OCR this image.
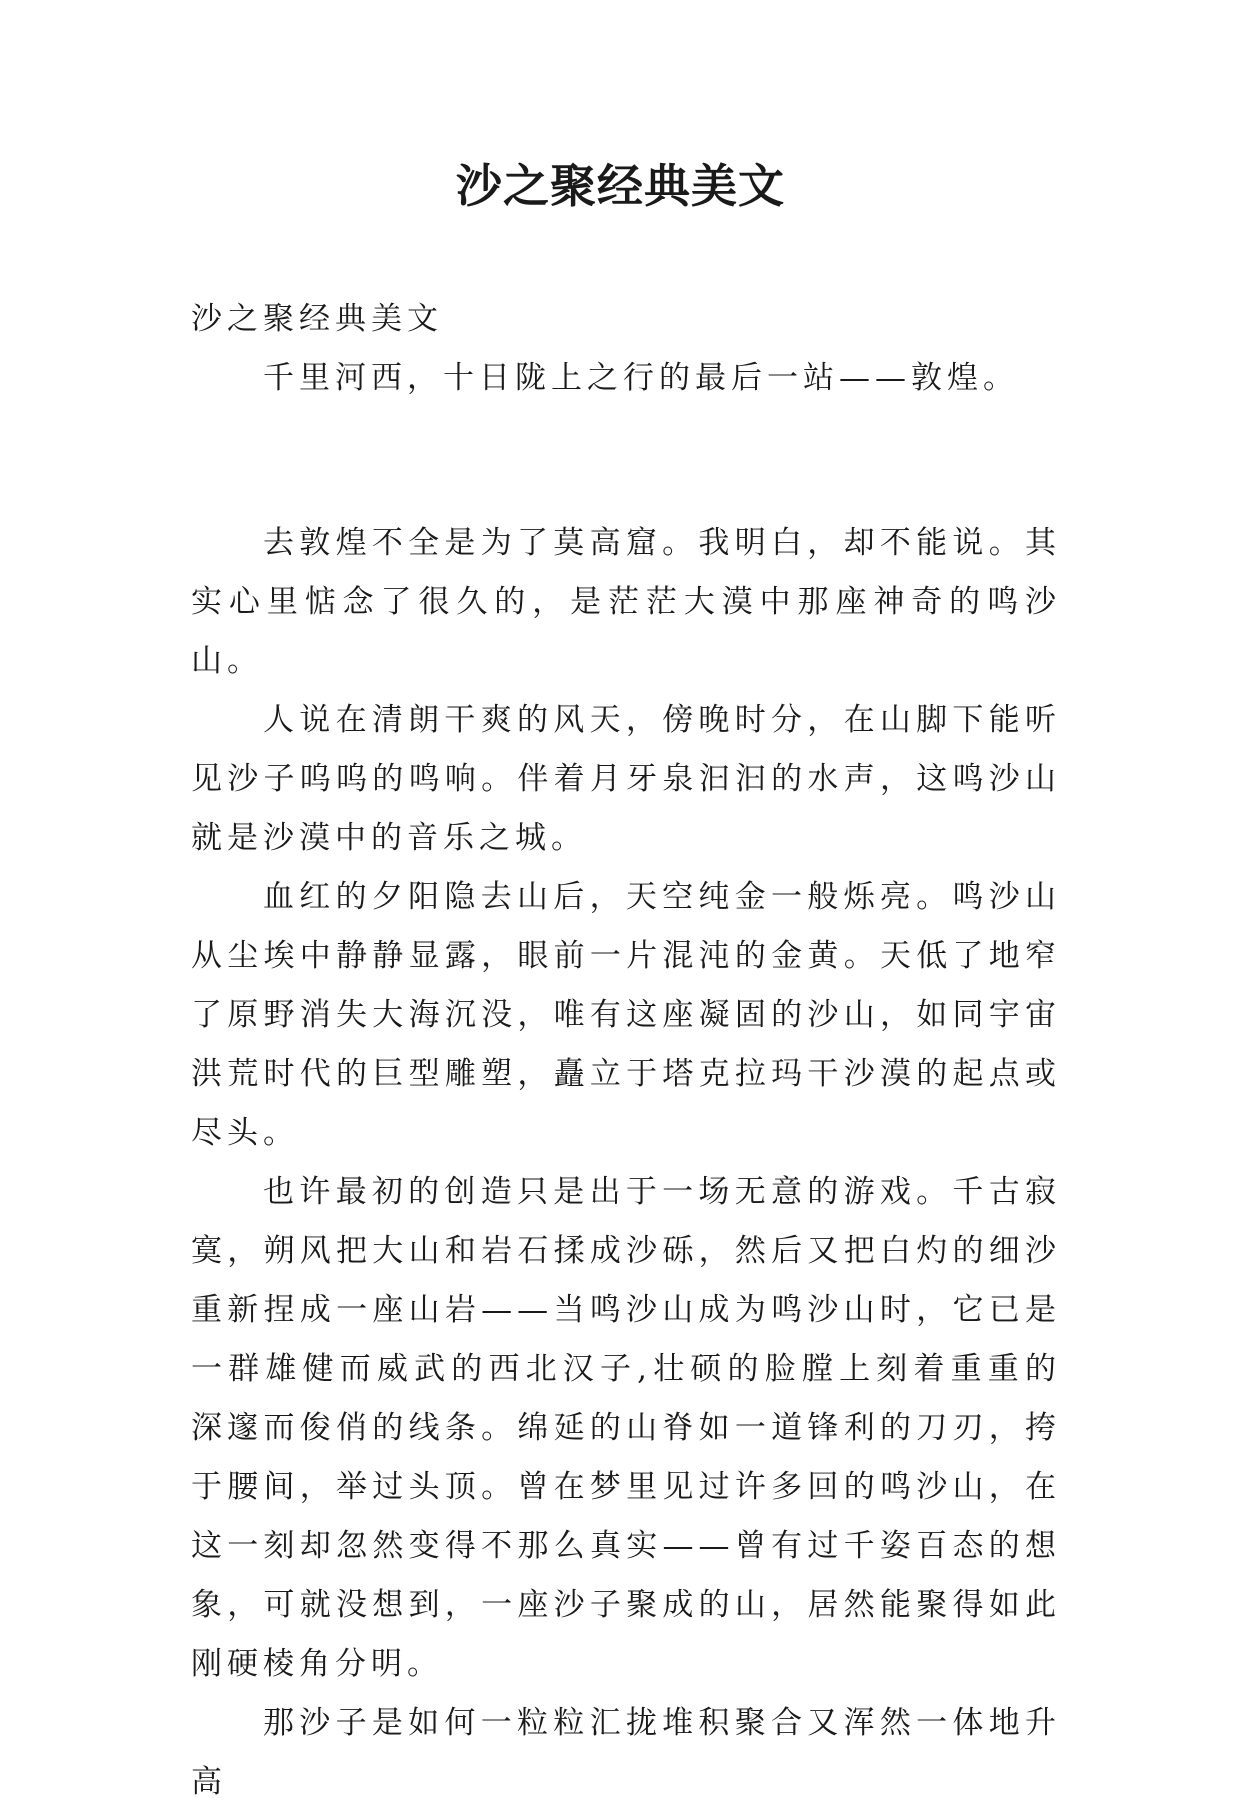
沙之聚经典美文

沙之聚经典美文

千里河西，十日陇上之行的最后一站——敦煌。

去敦煌不全是为了莫高窟。我明白，却不能说。其实心里惦念了很久的，是茫茫大漠中那座神奇的鸣沙山。

人说在清朗干爽的风天，傍晚时分，在山脚下能听见沙子呜呜的鸣响。伴着月牙泉汩汩的水声，这鸣沙山就是沙漠中的音乐之城。

血红的夕阳隐去山后，天空纯金一般烁亮。鸣沙山从尘埃中静静显露，眼前一片混沌的金黄。天低了地窄了原野消失大海沉没，唯有这座凝固的沙山，如同宇宙洪荒时代的巨型雕塑，矗立于塔克拉玛干沙漠的起点或尽头。

也许最初的创造只是出于一场无意的游戏。千古寂寞，朔风把大山和岩石揉成沙砾，然后又把白灼的细沙重新捏成一座山岩——当鸣沙山成为鸣沙山时，它已是一群雄健而威武的西北汉子,壮硕的脸膛上刻着重重的深邃而俊俏的线条。绵延的山脊如一道锋利的刀刃，挎于腰间，举过头顶。曾在梦里见过许多回的鸣沙山，在这一刻却忽然变得不那么真实——曾有过千姿百态的想象，可就没想到，一座沙子聚成的山，居然能聚得如此刚硬棱角分明。

那沙子是如何一粒粒汇拢堆积聚合又浑然一体地升高
